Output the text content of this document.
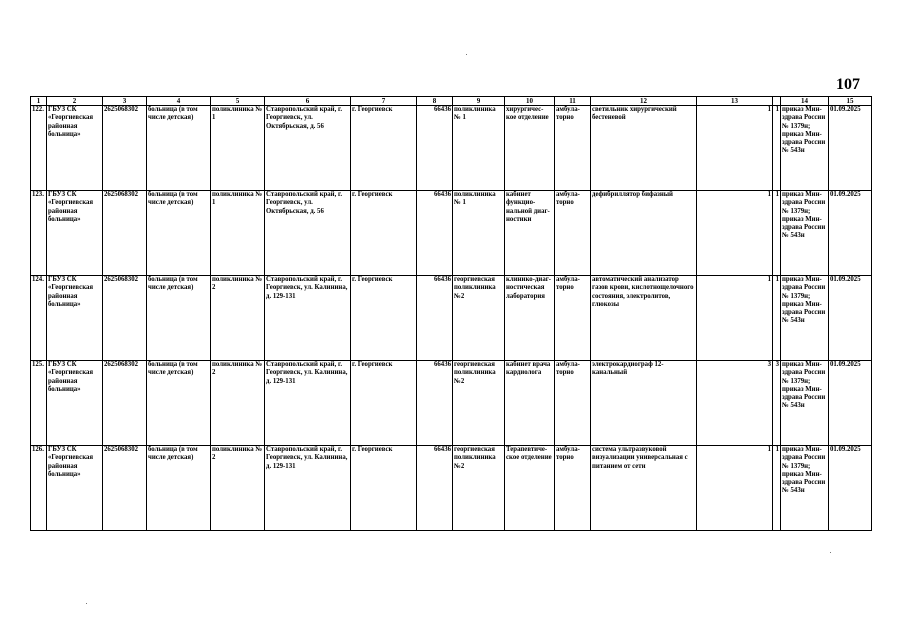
107
1	2	3	4	5	6	7	8	9	10	11	12	13		14	15
122.	ГБУЗ СК «Георгиевская районная больница»	2625068302	больница (в том числе детская)	поликлиника № 1	Ставропольский край, г. Георгиевск, ул. Октябрьская, д. 56	г. Георгиевск	66436	поликлиника № 1	хирургичес-кое отделение	амбула-торно	светильник хирургический бестеневой	1	1	приказ Мин-здрава России № 1379н; приказ Мин-здрава России № 543н	01.09.2025
123.	ГБУЗ СК «Георгиевская районная больница»	2625068302	больница (в том числе детская)	поликлиника № 1	Ставропольский край, г. Георгиевск, ул. Октябрьская, д. 56	г. Георгиевск	66436	поликлиника № 1	кабинет функцио-нальной диаг-ностики	амбула-торно	дефибриллятор бифазный	1	1	приказ Мин-здрава России № 1379н; приказ Мин-здрава России № 543н	01.09.2025
124.	ГБУЗ СК «Георгиевская районная больница»	2625068302	больница (в том числе детская)	поликлиника № 2	Ставропольский край, г. Георгиевск, ул. Калинина, д. 129-131	г. Георгиевск	66436	георгиевская поликлиника №2	клинико-диаг-ностическая лаборатория	амбула-торно	автоматический анализатор газов крови, кислотнощелочного состояния, электролитов, глюкозы	1	1	приказ Мин-здрава России № 1379н; приказ Мин-здрава России № 543н	01.09.2025
125.	ГБУЗ СК «Георгиевская районная больница»	2625068302	больница (в том числе детская)	поликлиника № 2	Ставропольский край, г. Георгиевск, ул. Калинина, д. 129-131	г. Георгиевск	66436	георгиевская поликлиника №2	кабинет врача кардиолога	амбула-торно	электрокардиограф 12-канальный	3	3	приказ Мин-здрава России № 1379н; приказ Мин-здрава России № 543н	01.09.2025
126.	ГБУЗ СК «Георгиевская районная больница»	2625068302	больница (в том числе детская)	поликлиника № 2	Ставропольский край, г. Георгиевск, ул. Калинина, д. 129-131	г. Георгиевск	66436	георгиевская поликлиника №2	Терапевтиче-ское отделение	амбула-торно	система ультразвуковой визуализации универсальная с питанием от сети	1	1	приказ Мин-здрава России № 1379н; приказ Мин-здрава России № 543н	01.09.2025
